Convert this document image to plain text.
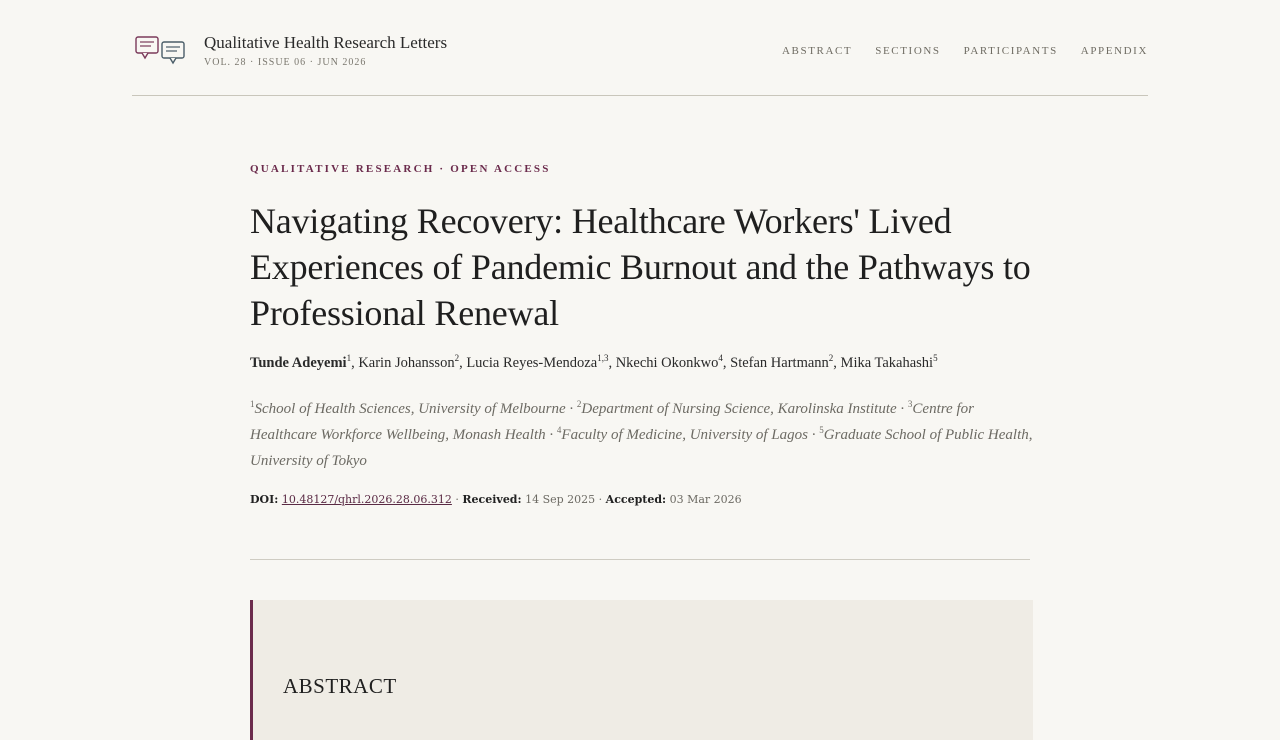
Qualitative Health Research Letters
VOL. 28 · ISSUE 06 · JUN 2026
ABSTRACT SECTIONS PARTICIPANTS APPENDIX
QUALITATIVE RESEARCH · OPEN ACCESS
Navigating Recovery: Healthcare Workers' Lived Experiences of Pandemic Burnout and the Pathways to Professional Renewal
Tunde Adeyemi$^1$, Karin Johansson$^2$, Lucia Reyes-Mendoza$^{1,3}$, Nkechi Okonkwo$^4$, Stefan Hartmann$^2$, Mika Takahashi$^5$
$^1$School of Health Sciences, University of Melbourne · $^2$Department of Nursing Science, Karolinska Institute · $^3$Centre for Healthcare Workforce Wellbeing, Monash Health · $^4$Faculty of Medicine, University of Lagos · $^5$Graduate School of Public Health, University of Tokyo
DOI: 10.48127/qhrl.2026.28.06.312 · Received: 14 Sep 2025 · Accepted: 03 Mar 2026
ABSTRACT
